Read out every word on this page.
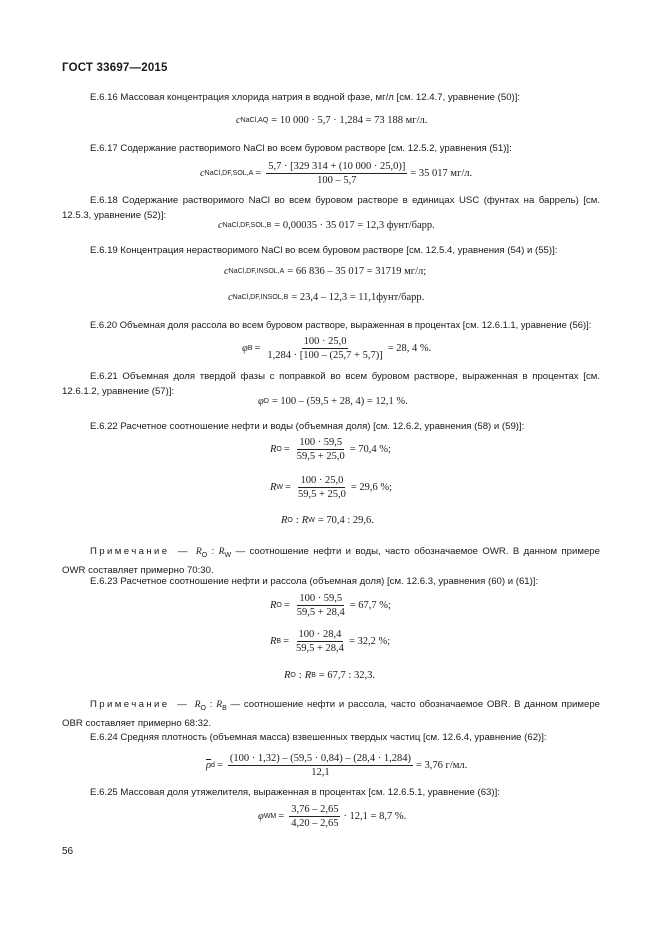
ГОСТ 33697—2015
Е.6.16 Массовая концентрация хлорида натрия в водной фазе, мг/л [см. 12.4.7, уравнение (50)]:
c NaCl,AQ = 10 000 · 5,7 · 1,284 = 73 188 мг/л.
Е.6.17 Содержание растворимого NaCl во всем буровом растворе [см. 12.5.2, уравнения (51)]:
c NaCl,DF,SOL,A = $\frac{5,7 \cdot [329 314 + (10 000 \cdot 25,0)]}{100 - 5,7} = 35$ 017 мг/л.
Е.6.18 Содержание растворимого NaCl во всем буровом растворе в единицах USC (фунтах на баррель) [см. 12.5.3, уравнение (52)]:
c NaCl,DF,SOL,B = 0,00035 · 35 017 = 12,3 фунт/барр.
Е.6.19 Концентрация нерастворимого NaCl во всем буровом растворе [см. 12.5.4, уравнения (54) и (55)]:
c NaCl,DF,INSOL,A = 66 836 – 35 017 = 31719 мг/л;
c NaCl,DF,INSOL,B = 23,4 – 12,3 = 11,1фунт/барр.
Е.6.20 Объемная доля рассола во всем буровом растворе, выраженная в процентах [см. 12.6.1.1, уравнение (56)]:
φ $B = \frac{100 \cdot 25,0}{1,284 \cdot [100 - (25,7 + 5,7)]} = 28$, 4 %.
Е.6.21 Объемная доля твердой фазы с поправкой во всем буровом растворе, выраженная в процентах [см. 12.6.1.2, уравнение (57)]:
φ D = 100 – (59,5 + 28, 4) = 12,1 %.
Е.6.22 Расчетное соотношение нефти и воды (объемная доля) [см. 12.6.2, уравнения (58) и (59)]:
R $O = \frac{100 \cdot 59,5}{59,5 + 25,0} = 70,4$ %;
R $W = \frac{100 \cdot 25,0}{59,5 + 25,0} = 29,6$ %;
R O : R W = 70,4 : 29,6.
Примечание — $R_O$ : $R_W$ — соотношение нефти и воды, часто обозначаемое OWR. В данном примере OWR составляет примерно 70:30.
Е.6.23 Расчетное соотношение нефти и рассола (объемная доля) [см. 12.6.3, уравнения (60) и (61)]:
R $O = \frac{100 \cdot 59,5}{59,5 + 28,4} = 67,7$ %;
R $B = \frac{100 \cdot 28,4}{59,5 + 28,4} = 32,2$ %;
R O : R B = 67,7 : 32,3.
Примечание — $R_O$ : $R_B$ — соотношение нефти и рассола, часто обозначаемое OBR. В данном примере OBR составляет примерно 68:32.
Е.6.24 Средняя плотность (объемная масса) взвешенных твердых частиц [см. 12.6.4, уравнение (62)]:
$\overline{\rho}$ $d = \frac{(100 \cdot 1,32) - (59,5 \cdot 0,84) - (28,4 \cdot 1,284)}{12,1} = 3,76$ г/мл.
Е.6.25 Массовая доля утяжелителя, выраженная в процентах [см. 12.6.5.1, уравнение (63)]:
φ WM = $\frac{3,76 - 2,65}{4,20 - 2,65} \cdot 12,1 = 8,7$ %.
56
